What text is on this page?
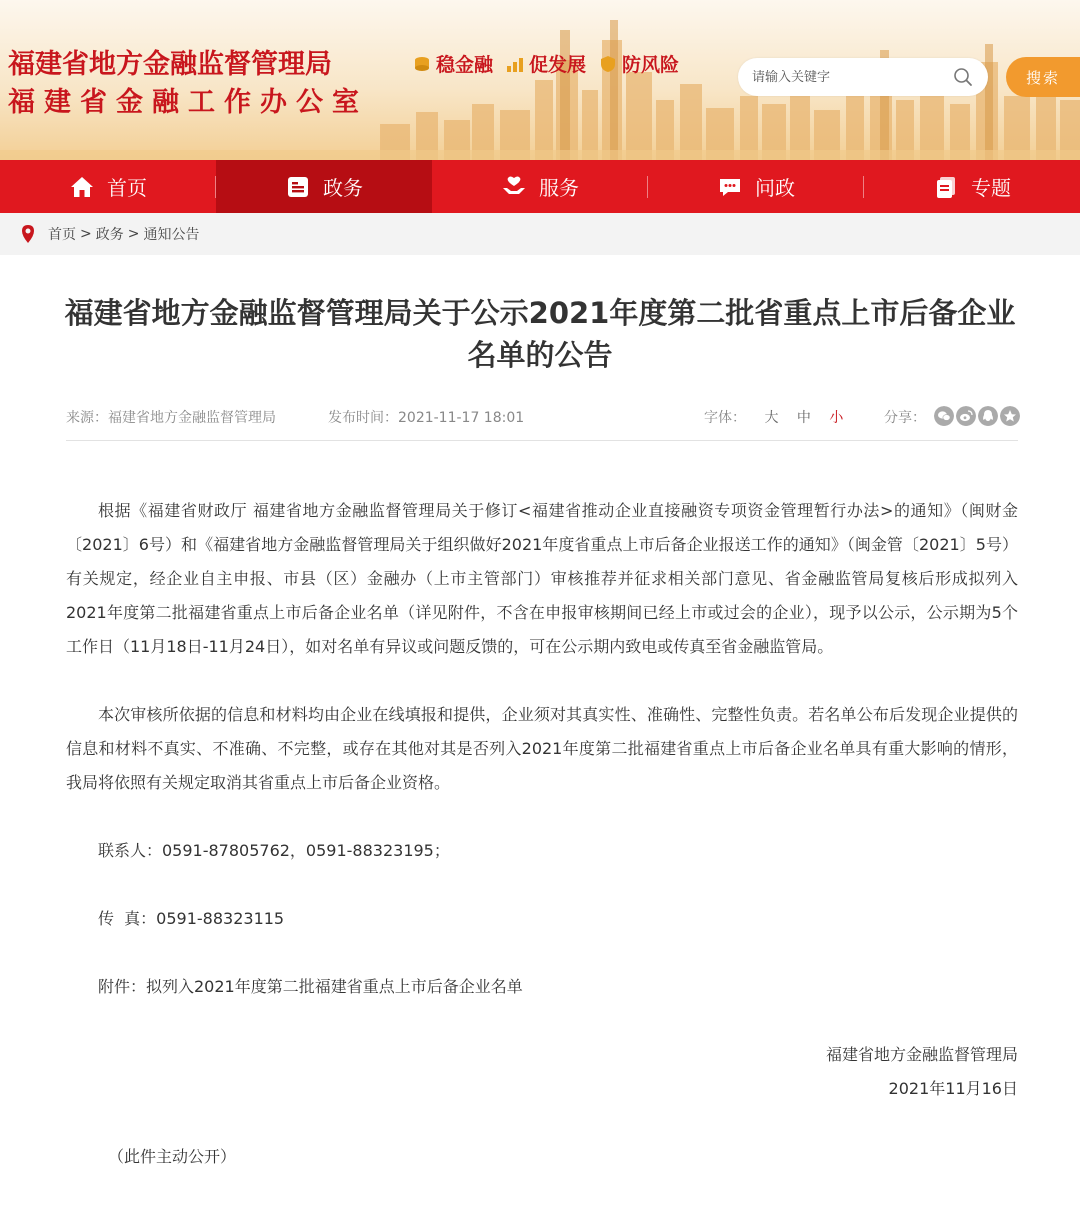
福建省地方金融监督管理局
福建省金融工作办公室
稳金融 促发展 防风险
请输入关键字
搜索
首页	政务	服务	问政	专题
首页 > 政务 > 通知公告
福建省地方金融监督管理局关于公示2021年度第二批省重点上市后备企业名单的公告
来源：福建省地方金融监督管理局	发布时间：2021-11-17 18:01	字体： 大 中 小	分享：

根据《福建省财政厅 福建省地方金融监督管理局关于修订<福建省推动企业直接融资专项资金管理暂行办法>的通知》（闽财金〔2021〕6号）和《福建省地方金融监督管理局关于组织做好2021年度省重点上市后备企业报送工作的通知》（闽金管〔2021〕5号）有关规定，经企业自主申报、市县（区）金融办（上市主管部门）审核推荐并征求相关部门意见、省金融监管局复核后形成拟列入2021年度第二批福建省重点上市后备企业名单（详见附件，不含在申报审核期间已经上市或过会的企业），现予以公示，公示期为5个工作日（11月18日-11月24日），如对名单有异议或问题反馈的，可在公示期内致电或传真至省金融监管局。

本次审核所依据的信息和材料均由企业在线填报和提供，企业须对其真实性、准确性、完整性负责。若名单公布后发现企业提供的信息和材料不真实、不准确、不完整，或存在其他对其是否列入2021年度第二批福建省重点上市后备企业名单具有重大影响的情形，我局将依照有关规定取消其省重点上市后备企业资格。

联系人：0591-87805762，0591-88323195；

传  真：0591-88323115

附件：拟列入2021年度第二批福建省重点上市后备企业名单

福建省地方金融监督管理局

2021年11月16日

（此件主动公开）
